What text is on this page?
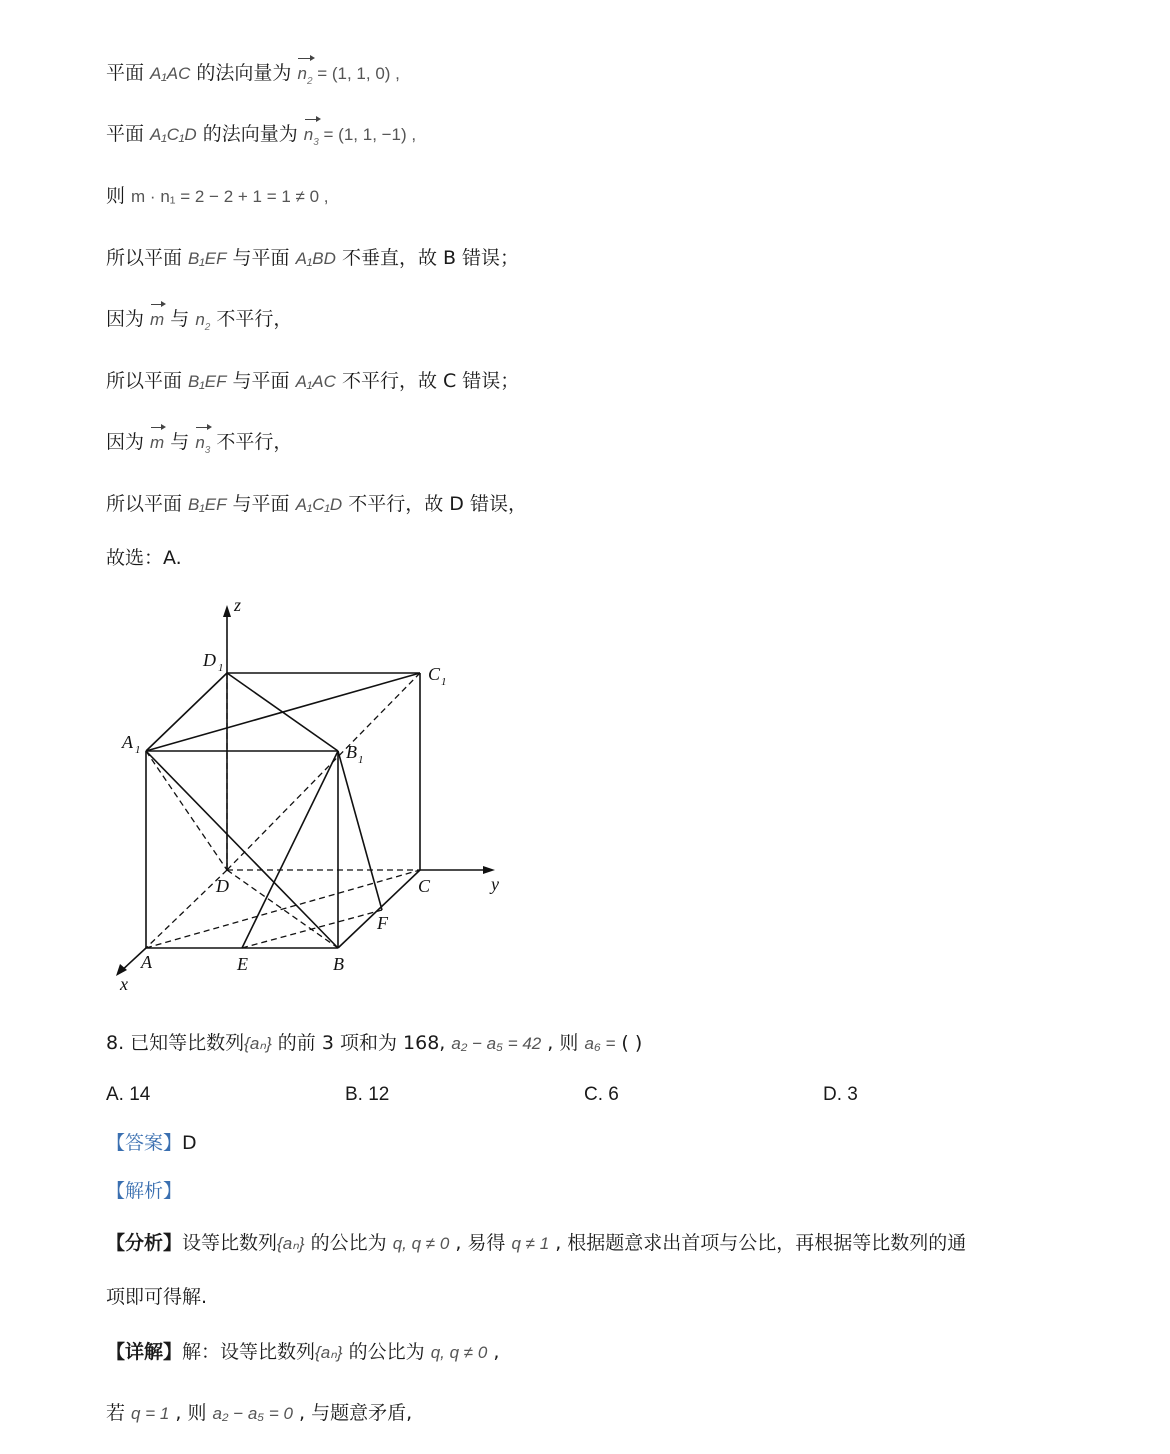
平面 A₁AC 的法向量为 $n_2 = (1$, 1, 0) ,
平面 A₁C₁D 的法向量为 $n_3 = (1$, 1, −1) ,
则 m · n₁ = 2 − 2 + 1 = 1 ≠ 0 ,
所以平面 B₁EF 与平面 A₁BD 不垂直，故 B 错误；
因为 m 与 $n_2$ 不平行，
所以平面 B₁EF 与平面 A₁AC 不平行，故 C 错误；
因为 m 与 $n_3$ 不平行，
所以平面 B₁EF 与平面 A₁C₁D 不平行，故 D 错误，
故选：A.
z
D 1	C 1
A 1	B 1
D	C	y
F
A	E	B
x
8. 已知等比数列{aₙ} 的前 3 项和为 168, a₂ − a₅ = 42 , 则 a₆ = ( )
A. 14	B. 12	C. 6	D. 3
【答案】D
【解析】
【分析】设等比数列{aₙ} 的公比为 q, q ≠ 0 , 易得 q ≠ 1 , 根据题意求出首项与公比，再根据等比数列的通
项即可得解.
【详解】解：设等比数列{aₙ} 的公比为 q, q ≠ 0 ,
若 q = 1 , 则 a₂ − a₅ = 0 , 与题意矛盾,
